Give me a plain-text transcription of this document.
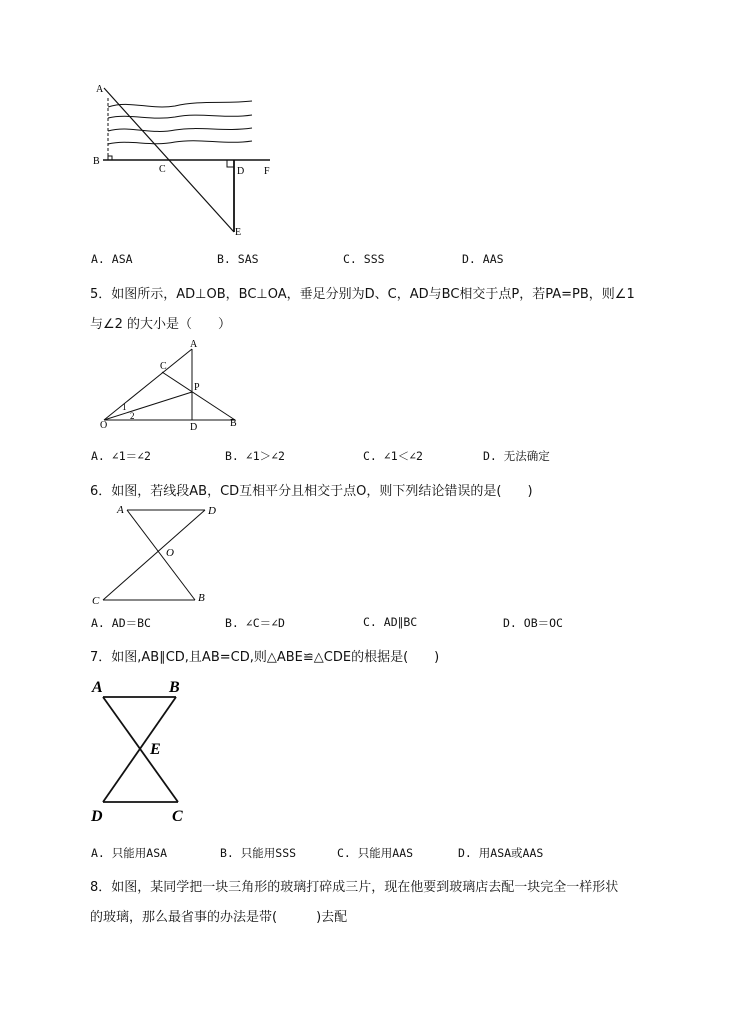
A
B
C	D F
E
A. ASA	B. SAS	C. SSS	D. AAS
5．如图所示，AD⊥OB，BC⊥OA，垂足分别为D、C，AD与BC相交于点P，若PA=PB，则∠1
与∠2 的大小是（　　）
A
C
P
O	D	B
1
2
A. ∠1＝∠2	B. ∠1＞∠2	C. ∠1＜∠2	D. 无法确定
6．如图，若线段AB，CD互相平分且相交于点O，则下列结论错误的是(　　)
A	D
O
C	B
A. AD＝BC	B. ∠C＝∠D	C. AD∥BC	D. OB＝OC
7．如图,AB∥CD,且AB=CD,则△ABE≌△CDE的根据是(　　)
A	B
E
D	C
A. 只能用ASA	B. 只能用SSS	C. 只能用AAS	D. 用ASA或AAS
8．如图，某同学把一块三角形的玻璃打碎成三片，现在他要到玻璃店去配一块完全一样形状
的玻璃，那么最省事的办法是带(　　　)去配
